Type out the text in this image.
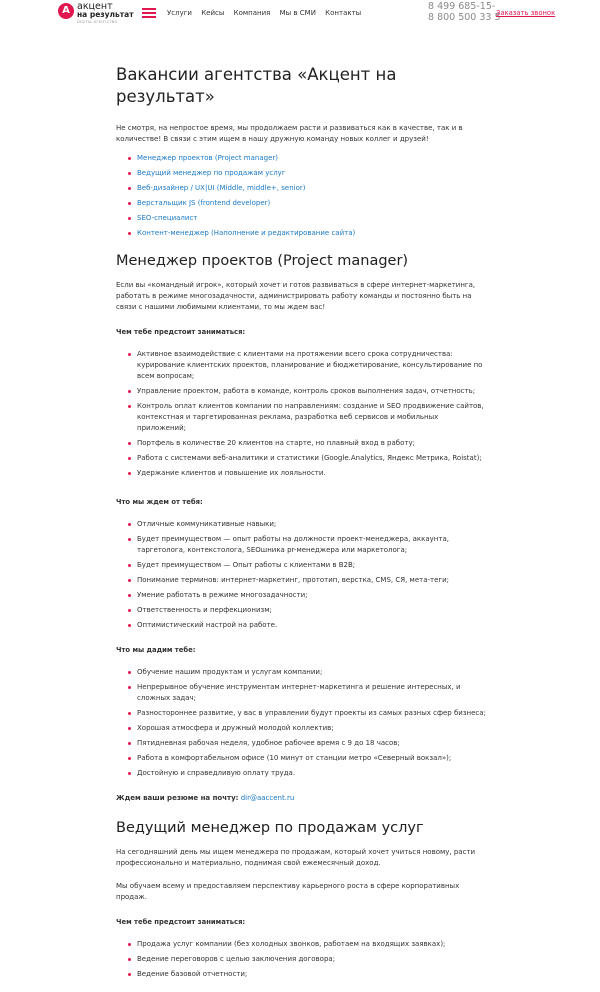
А акцент
на результат
DIGITAL-АГЕНТСТВО
Услуги Кейсы Компания Мы в СМИ Контакты
8 499 685-15-
8 800 500 33 5
Заказать звонок
Вакансии агентства «Акцент на результат»

Не смотря, на непростое время, мы продолжаем расти и развиваться как в качестве, так и в количестве! В связи с этим ищем в нашу дружную команду новых коллег и друзей!

Менеджер проектов (Project manager)
Ведущий менеджер по продажам услуг
Веб-дизайнер / UX|UI (Middle, middle+, senior)
Верстальщик JS (frontend developer)
SEO-специалист
Контент-менеджер (Наполнение и редактирование сайта)
Менеджер проектов (Project manager)

Если вы «командный игрок», который хочет и готов развиваться в сфере интернет-маркетинга, работать в режиме многозадачности, администрировать работу команды и постоянно быть на связи с нашими любимыми клиентами, то мы ждем вас!

Чем тебе предстоит заниматься:

Активное взаимодействие с клиентами на протяжении всего срока сотрудничества: курирование клиентских проектов, планирование и бюджетирование, консультирование по всем вопросам;
Управление проектом, работа в команде, контроль сроков выполнения задач, отчетность;
Контроль оплат клиентов компании по направлениям: создание и SEO продвижение сайтов, контекстная и таргетированная реклама, разработка веб сервисов и мобильных приложений;
Портфель в количестве 20 клиентов на старте, но плавный вход в работу;
Работа с системами веб-аналитики и статистики (Google.Analytics, Яндекс Метрика, Roistat);
Удержание клиентов и повышение их лояльности.

Что мы ждем от тебя:

Отличные коммуникативные навыки;
Будет преимуществом — опыт работы на должности проект-менеджера, аккаунта, таргетолога, контекстолога, SEOшника pr-менеджера или маркетолога;
Будет преимуществом — Опыт работы с клиентами в B2B;
Понимание терминов: интернет-маркетинг, прототип, верстка, CMS, CЯ, мета-теги;
Умение работать в режиме многозадачности;
Ответственность и перфекционизм;
Оптимистический настрой на работе.

Что мы дадим тебе:

Обучение нашим продуктам и услугам компании;
Непрерывное обучение инструментам интернет-маркетинга и решение интересных, и сложных задач;
Разностороннее развитие, у вас в управлении будут проекты из самых разных сфер бизнеса;
Хорошая атмосфера и дружный молодой коллектив;
Пятидневная рабочая неделя, удобное рабочее время с 9 до 18 часов;
Работа в комфортабельном офисе (10 минут от станции метро «Северный вокзал»);
Достойную и справедливую оплату труда.

Ждем ваши резюме на почту: dir@aaccent.ru

Ведущий менеджер по продажам услуг

На сегодняшний день мы ищем менеджера по продажам, который хочет учиться новому, расти профессионально и материально, поднимая свой ежемесячный доход.

Мы обучаем всему и предоставляем перспективу карьерного роста в сфере корпоративных продаж.

Чем тебе предстоит заниматься:

Продажа услуг компании (без холодных звонков, работаем на входящих заявках);
Ведение переговоров с целью заключения договора;
Ведение базовой отчетности;
